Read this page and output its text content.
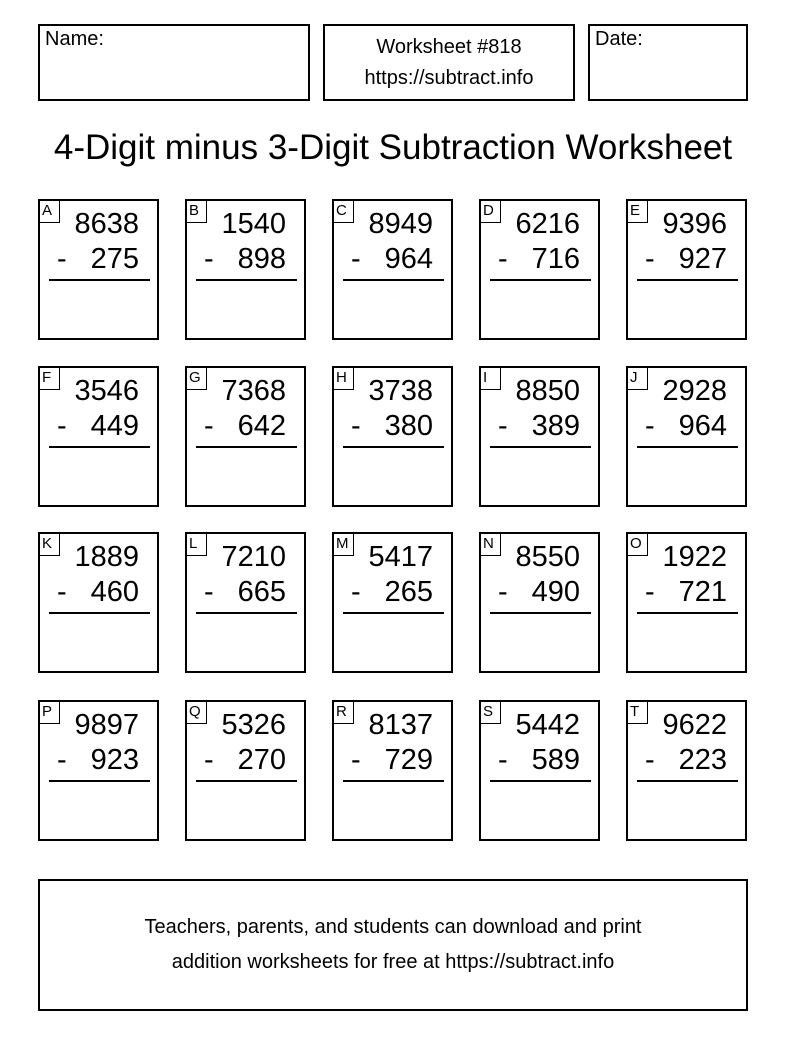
Name:	Worksheet #818
https://subtract.info
Date:
4-Digit minus 3-Digit Subtraction Worksheet
A 8638
- 275
B 1540
- 898
C 8949
- 964
D 6216
- 716
E 9396
- 927
F 3546
- 449
G 7368
- 642
H 3738
- 380
I 8850
- 389
J 2928
- 964
K 1889
- 460
L 7210
- 665
M 5417
- 265
N 8550
- 490
O 1922
- 721
P 9897
- 923
Q 5326
- 270
R 8137
- 729
S 5442
- 589
T 9622
- 223
Teachers, parents, and students can download and print
addition worksheets for free at https://subtract.info
